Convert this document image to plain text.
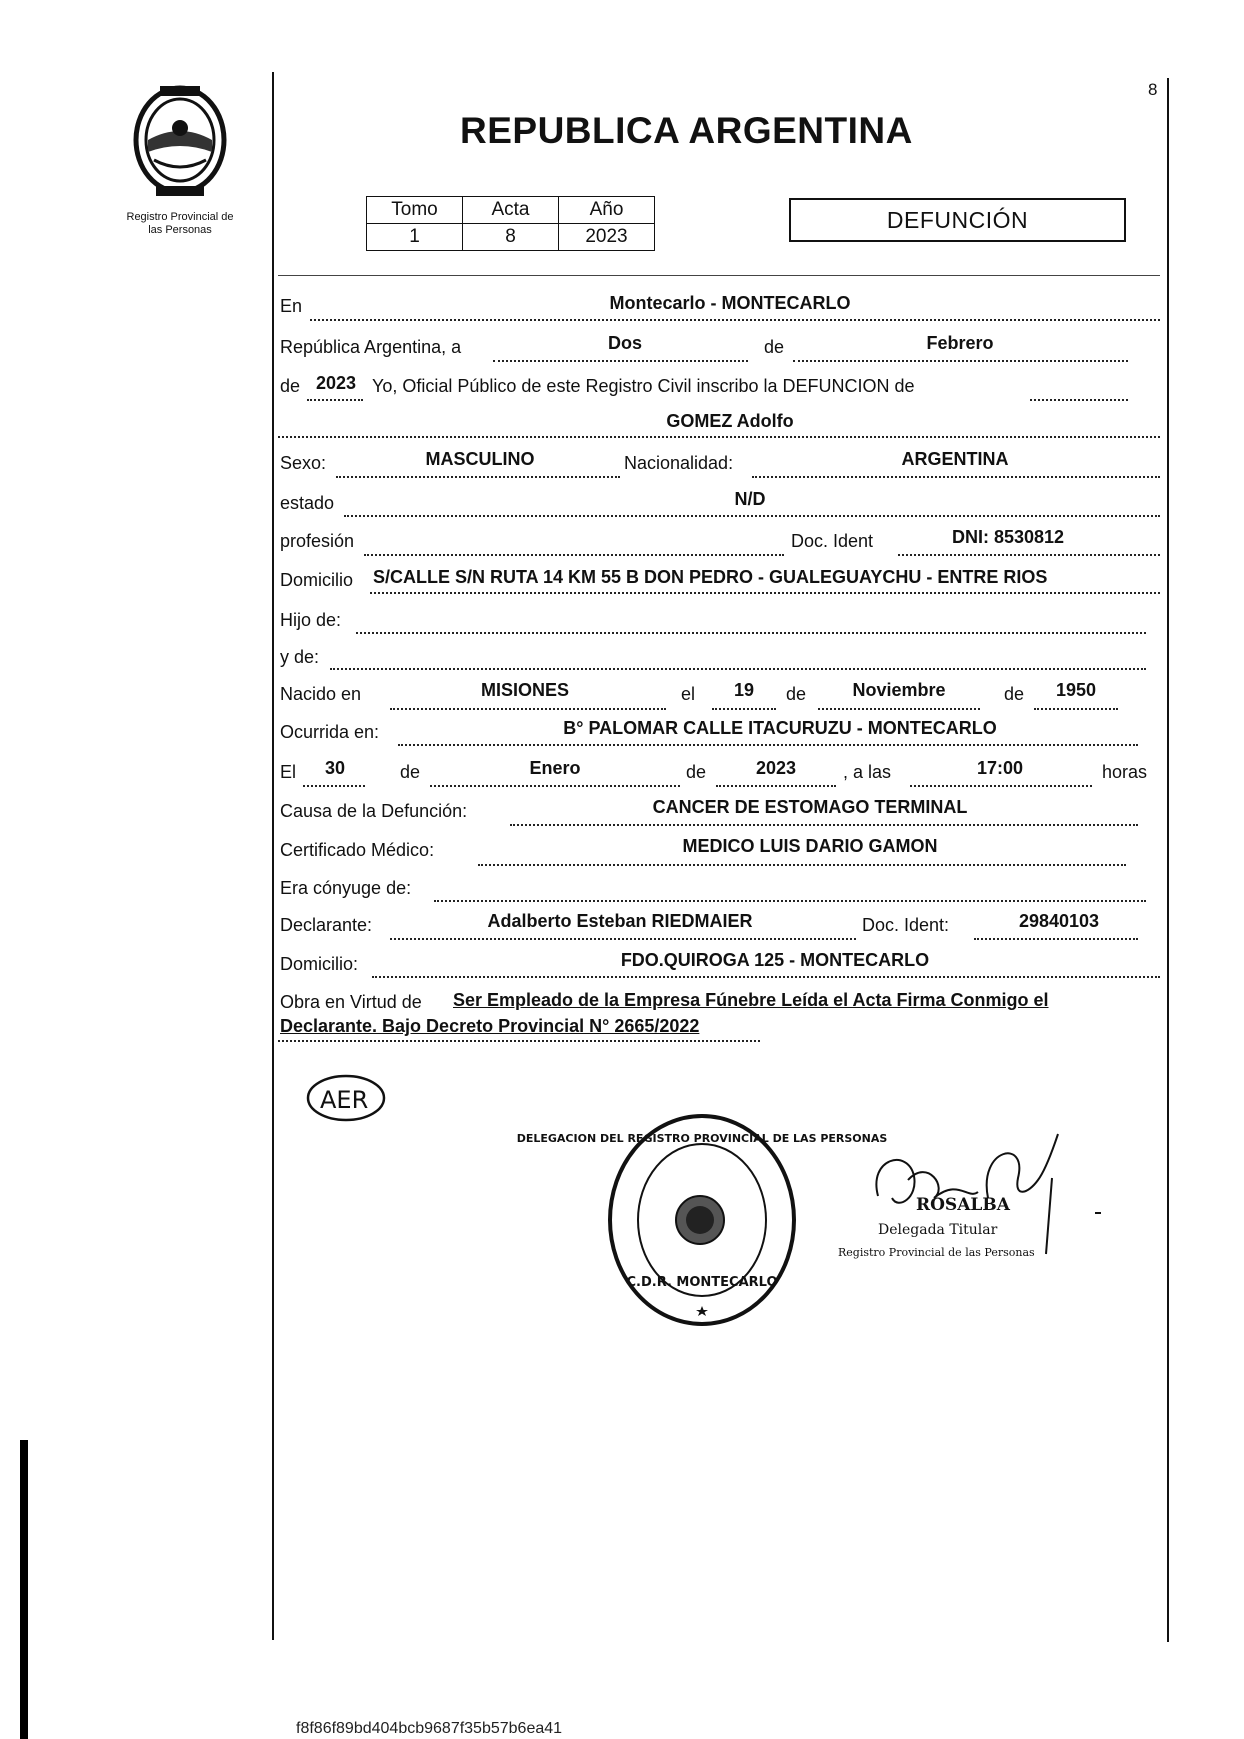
Registro Provincial de
las Personas
REPUBLICA ARGENTINA
8
Tomo	Acta	Año
1	8	2023
DEFUNCIÓN
En	Montecarlo - MONTECARLO
República Argentina, a	Dos	de	Febrero
de 2023 Yo, Oficial Público de este Registro Civil inscribo la DEFUNCION de
GOMEZ Adolfo
Sexo:	MASCULINO	Nacionalidad:	ARGENTINA
estado	N/D
profesión	Doc. Ident	DNI: 8530812
Domicilio S/CALLE S/N RUTA 14 KM 55 B DON PEDRO - GUALEGUAYCHU - ENTRE RIOS
Hijo de:
y de:
Nacido en	MISIONES	el	19	de	Noviembre	de	1950
Ocurrida en:	B° PALOMAR CALLE ITACURUZU - MONTECARLO
El	30	de	Enero	de	2023	, a las	17:00	horas
Causa de la Defunción:	CANCER DE ESTOMAGO TERMINAL
Certificado Médico:	MEDICO LUIS DARIO GAMON
Era cónyuge de:
Declarante:	Adalberto Esteban RIEDMAIER	Doc. Ident:	29840103
Domicilio:	FDO.QUIROGA 125 - MONTECARLO
Obra en Virtud de Ser Empleado de la Empresa Fúnebre Leída el Acta Firma Conmigo el
Declarante. Bajo Decreto Provincial N° 2665/2022
AER
DELEGACION DEL REGISTRO PROVINCIAL DE LAS PERSONAS
C.D.R. MONTECARLO
ROSALBA
Delegada Titular
Registro Provincial de las Personas
f8f86f89bd404bcb9687f35b57b6ea41
